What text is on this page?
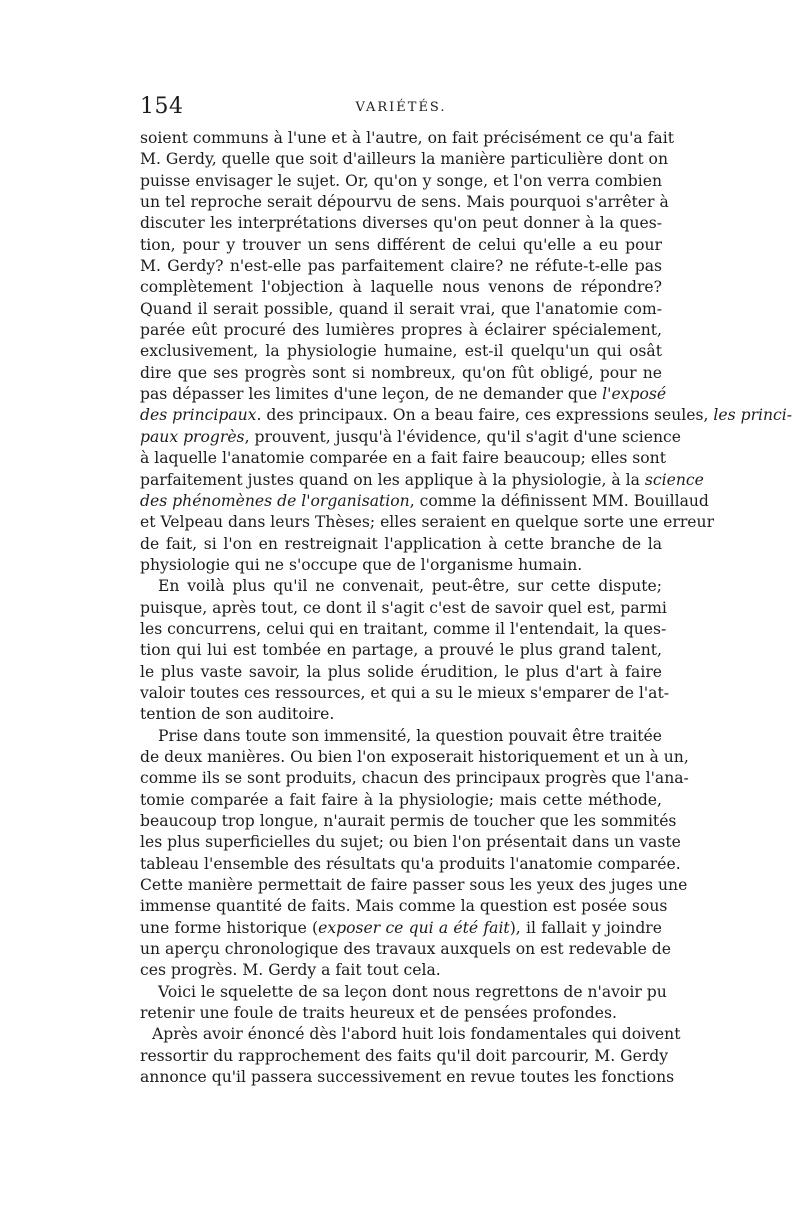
154	VARIÉTÉS.
soient communs à l'une et à l'autre, on fait précisément ce qu'a fait
M. Gerdy, quelle que soit d'ailleurs la manière particulière dont on
puisse envisager le sujet. Or, qu'on y songe, et l'on verra combien
un tel reproche serait dépourvu de sens. Mais pourquoi s'arrêter à
discuter les interprétations diverses qu'on peut donner à la ques-
tion, pour y trouver un sens différent de celui qu'elle a eu pour
M. Gerdy? n'est-elle pas parfaitement claire? ne réfute-t-elle pas
complètement l'objection à laquelle nous venons de répondre?
Quand il serait possible, quand il serait vrai, que l'anatomie com-
parée eût procuré des lumières propres à éclairer spécialement,
exclusivement, la physiologie humaine, est-il quelqu'un qui osât
dire que ses progrès sont si nombreux, qu'on fût obligé, pour ne
pas dépasser les limites d'une leçon, de ne demander que l'exposé
des principaux. des principaux. On a beau faire, ces expressions seules, les princi-
paux progrès, prouvent, jusqu'à l'évidence, qu'il s'agit d'une science
à laquelle l'anatomie comparée en a fait faire beaucoup; elles sont
parfaitement justes quand on les applique à la physiologie, à la science
des phénomènes de l'organisation, comme la définissent MM. Bouillaud
et Velpeau dans leurs Thèses; elles seraient en quelque sorte une erreur
de fait, si l'on en restreignait l'application à cette branche de la
physiologie qui ne s'occupe que de l'organisme humain.
En voilà plus qu'il ne convenait, peut-être, sur cette dispute;
puisque, après tout, ce dont il s'agit c'est de savoir quel est, parmi
les concurrens, celui qui en traitant, comme il l'entendait, la ques-
tion qui lui est tombée en partage, a prouvé le plus grand talent,
le plus vaste savoir, la plus solide érudition, le plus d'art à faire
valoir toutes ces ressources, et qui a su le mieux s'emparer de l'at-
tention de son auditoire.
Prise dans toute son immensité, la question pouvait être traitée
de deux manières. Ou bien l'on exposerait historiquement et un à un,
comme ils se sont produits, chacun des principaux progrès que l'ana-
tomie comparée a fait faire à la physiologie; mais cette méthode,
beaucoup trop longue, n'aurait permis de toucher que les sommités
les plus superficielles du sujet; ou bien l'on présentait dans un vaste
tableau l'ensemble des résultats qu'a produits l'anatomie comparée.
Cette manière permettait de faire passer sous les yeux des juges une
immense quantité de faits. Mais comme la question est posée sous
une forme historique (exposer ce qui a été fait), il fallait y joindre
un aperçu chronologique des travaux auxquels on est redevable de
ces progrès. M. Gerdy a fait tout cela.
Voici le squelette de sa leçon dont nous regrettons de n'avoir pu
retenir une foule de traits heureux et de pensées profondes.
Après avoir énoncé dès l'abord huit lois fondamentales qui doivent
ressortir du rapprochement des faits qu'il doit parcourir, M. Gerdy
annonce qu'il passera successivement en revue toutes les fonctions
